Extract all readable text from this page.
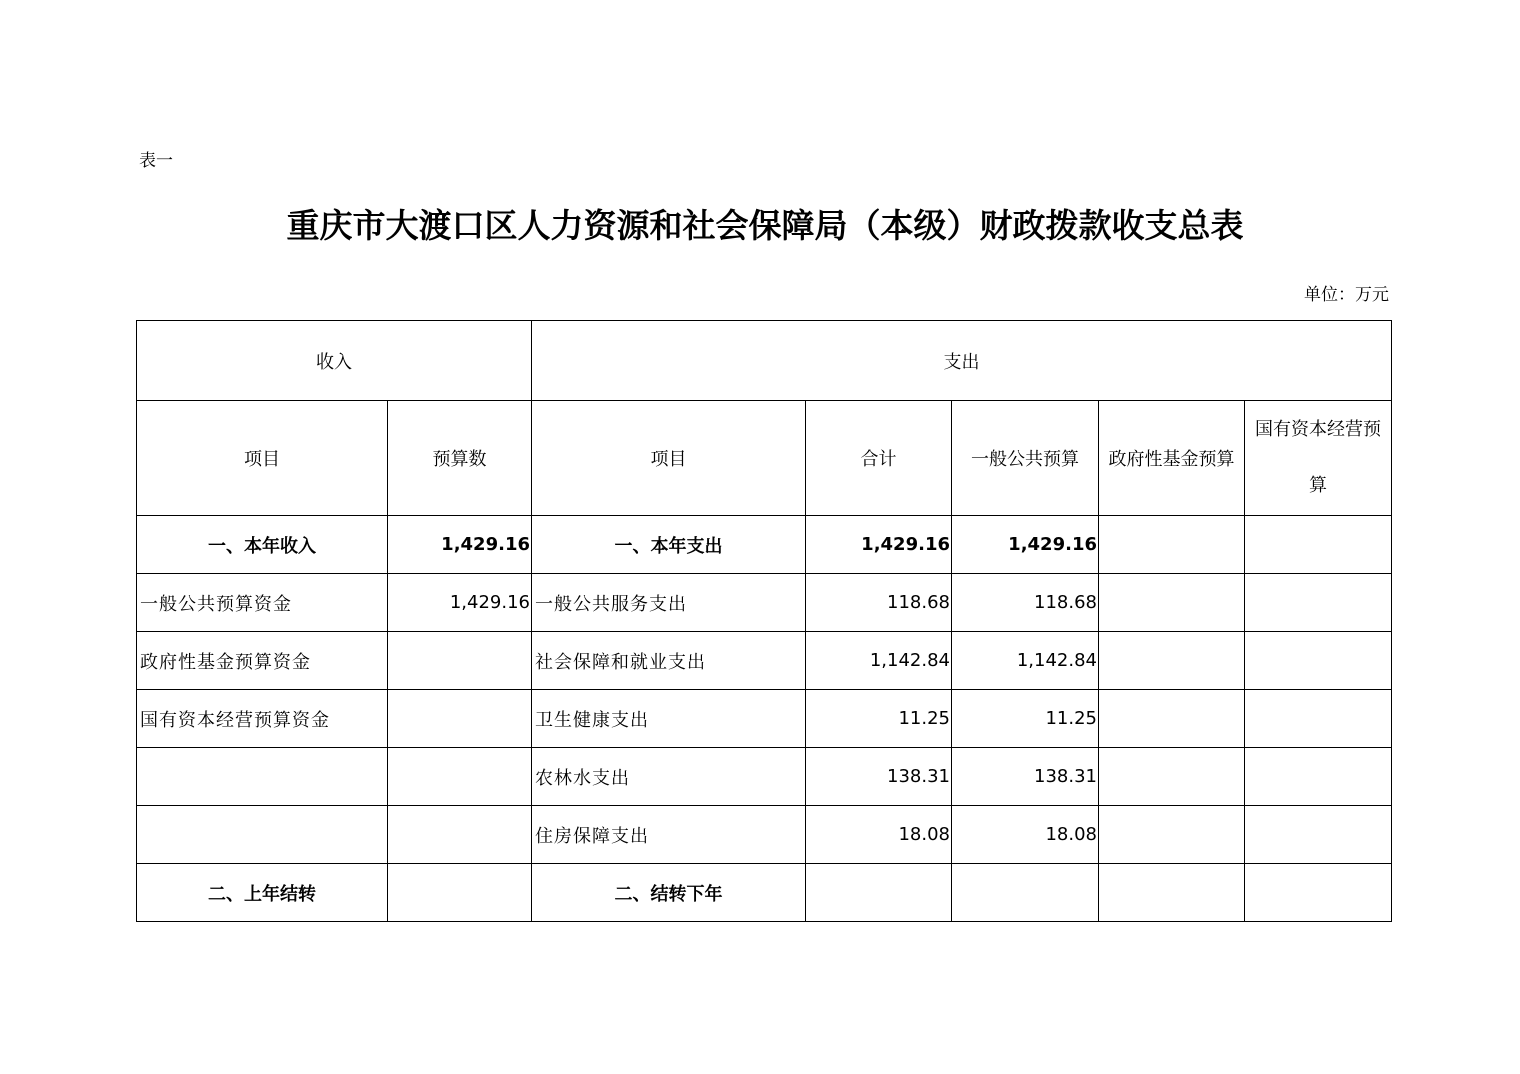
表一
重庆市大渡口区人力资源和社会保障局（本级）财政拨款收支总表
单位：万元
收入		支出				
项目	预算数	项目	合计	一般公共预算	政府性基金预算	国有资本经营预算

一、本年收入	1,429.16	一、本年支出	1,429.16	1,429.16		
一般公共预算资金	1,429.16	一般公共服务支出	118.68	118.68		
政府性基金预算资金		社会保障和就业支出	1,142.84	1,142.84		
国有资本经营预算资金		卫生健康支出	11.25	11.25		
		农林水支出	138.31	138.31		
		住房保障支出	18.08	18.08		
二、上年结转		二、结转下年				
